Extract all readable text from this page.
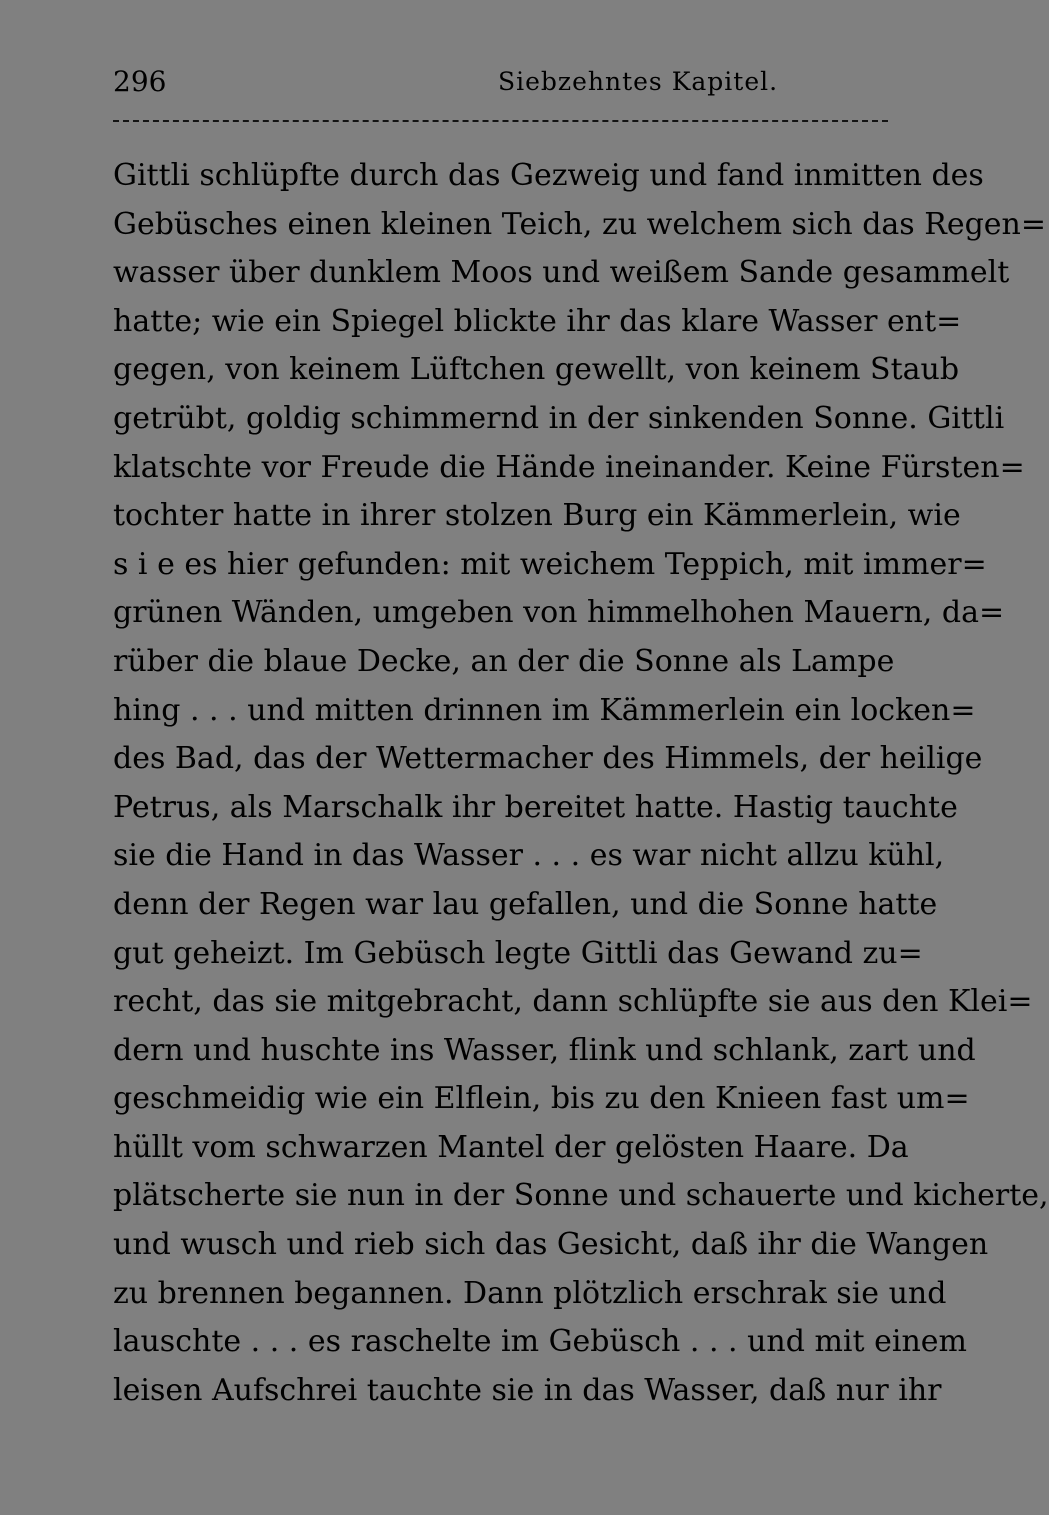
296	Siebzehntes Kapitel.
Gittli schlüpfte durch das Gezweig und fand inmitten des
Gebüsches einen kleinen Teich, zu welchem sich das Regen=
wasser über dunklem Moos und weißem Sande gesammelt
hatte; wie ein Spiegel blickte ihr das klare Wasser ent=
gegen, von keinem Lüftchen gewellt, von keinem Staub
getrübt, goldig schimmernd in der sinkenden Sonne. Gittli
klatschte vor Freude die Hände ineinander. Keine Fürsten=
tochter hatte in ihrer stolzen Burg ein Kämmerlein, wie
s i e es hier gefunden: mit weichem Teppich, mit immer=
grünen Wänden, umgeben von himmelhohen Mauern, da=
rüber die blaue Decke, an der die Sonne als Lampe
hing . . . und mitten drinnen im Kämmerlein ein locken=
des Bad, das der Wettermacher des Himmels, der heilige
Petrus, als Marschalk ihr bereitet hatte. Hastig tauchte
sie die Hand in das Wasser . . . es war nicht allzu kühl,
denn der Regen war lau gefallen, und die Sonne hatte
gut geheizt. Im Gebüsch legte Gittli das Gewand zu=
recht, das sie mitgebracht, dann schlüpfte sie aus den Klei=
dern und huschte ins Wasser, flink und schlank, zart und
geschmeidig wie ein Elflein, bis zu den Knieen fast um=
hüllt vom schwarzen Mantel der gelösten Haare. Da
plätscherte sie nun in der Sonne und schauerte und kicherte,
und wusch und rieb sich das Gesicht, daß ihr die Wangen
zu brennen begannen. Dann plötzlich erschrak sie und
lauschte . . . es raschelte im Gebüsch . . . und mit einem
leisen Aufschrei tauchte sie in das Wasser, daß nur ihr
